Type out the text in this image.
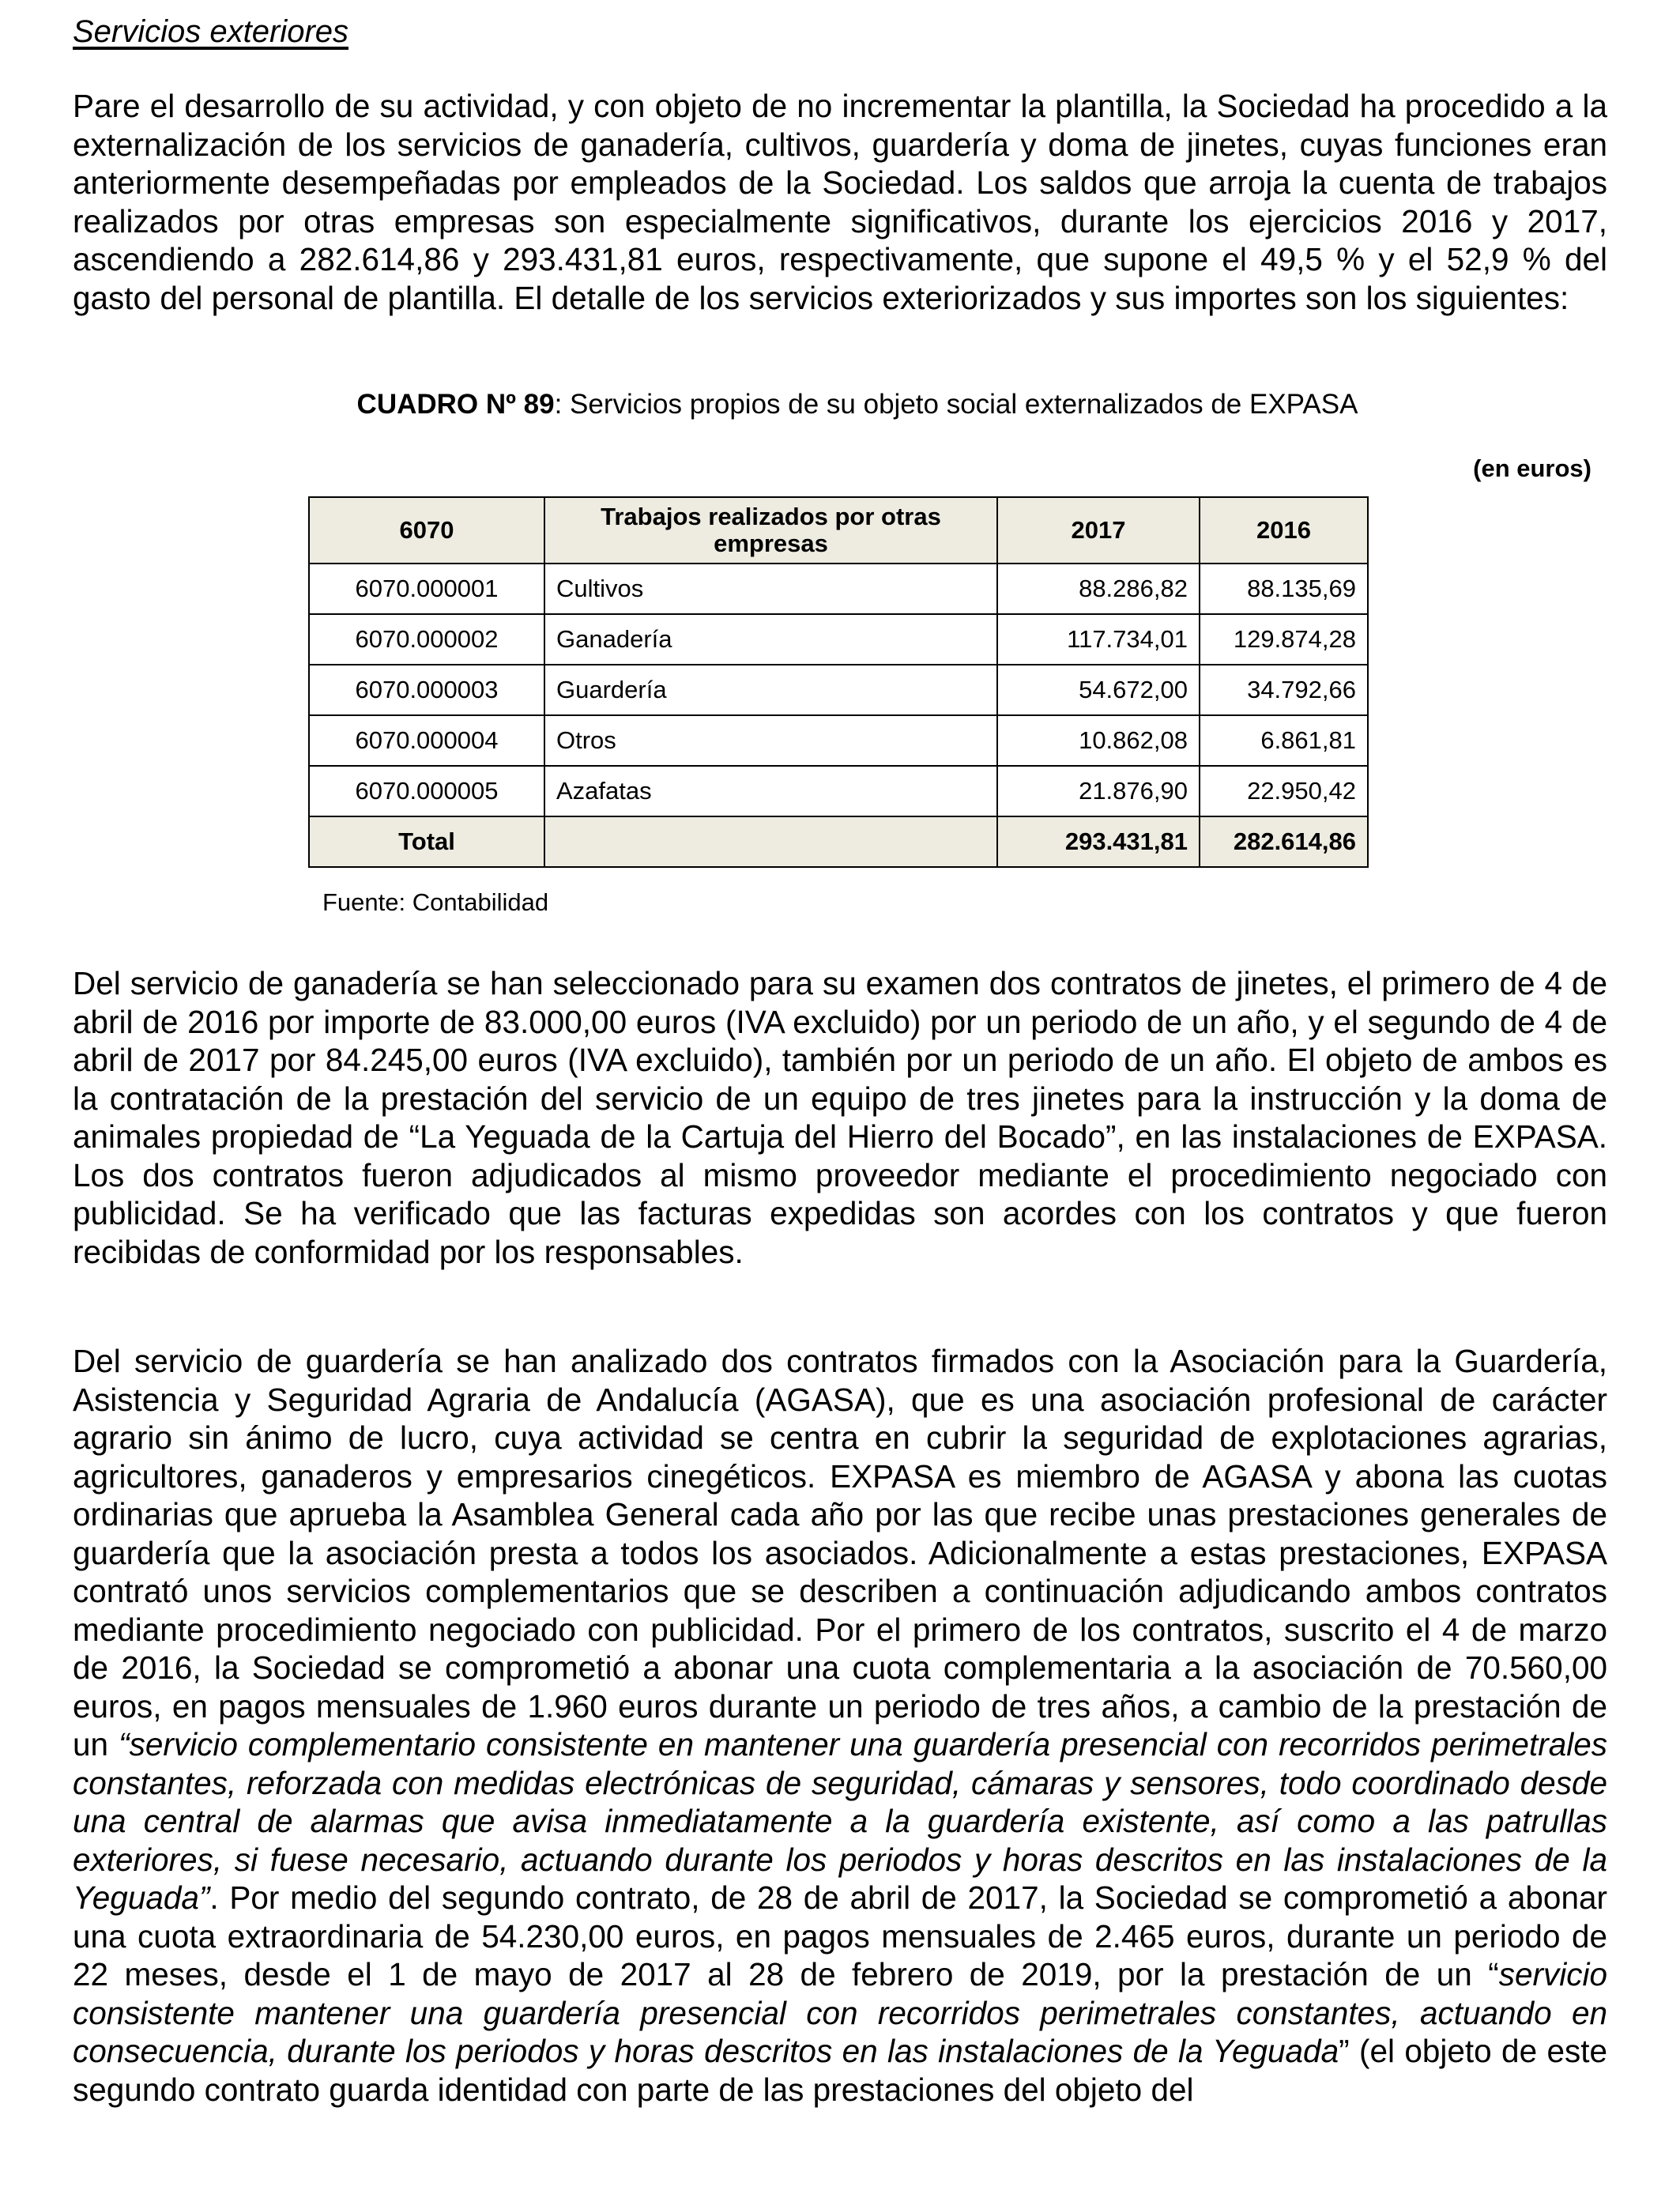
Servicios exteriores

Pare el desarrollo de su actividad, y con objeto de no incrementar la plantilla, la Sociedad ha procedido a la externalización de los servicios de ganadería, cultivos, guardería y doma de jinetes, cuyas funciones eran anteriormente desempeñadas por empleados de la Sociedad. Los saldos que arroja la cuenta de trabajos realizados por otras empresas son especialmente significativos, durante los ejercicios 2016 y 2017, ascendiendo a 282.614,86 y 293.431,81 euros, respectivamente, que supone el 49,5 % y el 52,9 % del gasto del personal de plantilla. El detalle de los servicios exteriorizados y sus importes son los siguientes:

CUADRO Nº 89: Servicios propios de su objeto social externalizados de EXPASA

(en euros)
6070	Trabajos realizados por otras empresas	2017	2016
6070.000001	Cultivos	88.286,82	88.135,69
6070.000002	Ganadería	117.734,01	129.874,28
6070.000003	Guardería	54.672,00	34.792,66
6070.000004	Otros	10.862,08	6.861,81
6070.000005	Azafatas	21.876,90	22.950,42
Total		293.431,81	282.614,86
Fuente: Contabilidad

Del servicio de ganadería se han seleccionado para su examen dos contratos de jinetes, el primero de 4 de abril de 2016 por importe de 83.000,00 euros (IVA excluido) por un periodo de un año, y el segundo de 4 de abril de 2017 por 84.245,00 euros (IVA excluido), también por un periodo de un año. El objeto de ambos es la contratación de la prestación del servicio de un equipo de tres jinetes para la instrucción y la doma de animales propiedad de “La Yeguada de la Cartuja del Hierro del Bocado”, en las instalaciones de EXPASA. Los dos contratos fueron adjudicados al mismo proveedor mediante el procedimiento negociado con publicidad. Se ha verificado que las facturas expedidas son acordes con los contratos y que fueron recibidas de conformidad por los responsables.

Del servicio de guardería se han analizado dos contratos firmados con la Asociación para la Guardería, Asistencia y Seguridad Agraria de Andalucía (AGASA), que es una asociación profesional de carácter agrario sin ánimo de lucro, cuya actividad se centra en cubrir la seguridad de explotaciones agrarias, agricultores, ganaderos y empresarios cinegéticos. EXPASA es miembro de AGASA y abona las cuotas ordinarias que aprueba la Asamblea General cada año por las que recibe unas prestaciones generales de guardería que la asociación presta a todos los asociados. Adicionalmente a estas prestaciones, EXPASA contrató unos servicios complementarios que se describen a continuación adjudicando ambos contratos mediante procedimiento negociado con publicidad. Por el primero de los contratos, suscrito el 4 de marzo de 2016, la Sociedad se comprometió a abonar una cuota complementaria a la asociación de 70.560,00 euros, en pagos mensuales de 1.960 euros durante un periodo de tres años, a cambio de la prestación de un “servicio complementario consistente en mantener una guardería presencial con recorridos perimetrales constantes, reforzada con medidas electrónicas de seguridad, cámaras y sensores, todo coordinado desde una central de alarmas que avisa inmediatamente a la guardería existente, así como a las patrullas exteriores, si fuese necesario, actuando durante los periodos y horas descritos en las instalaciones de la Yeguada”. Por medio del segundo contrato, de 28 de abril de 2017, la Sociedad se comprometió a abonar una cuota extraordinaria de 54.230,00 euros, en pagos mensuales de 2.465 euros, durante un periodo de 22 meses, desde el 1 de mayo de 2017 al 28 de febrero de 2019, por la prestación de un “servicio consistente mantener una guardería presencial con recorridos perimetrales constantes, actuando en consecuencia, durante los periodos y horas descritos en las instalaciones de la Yeguada” (el objeto de este segundo contrato guarda identidad con parte de las prestaciones del objeto del
